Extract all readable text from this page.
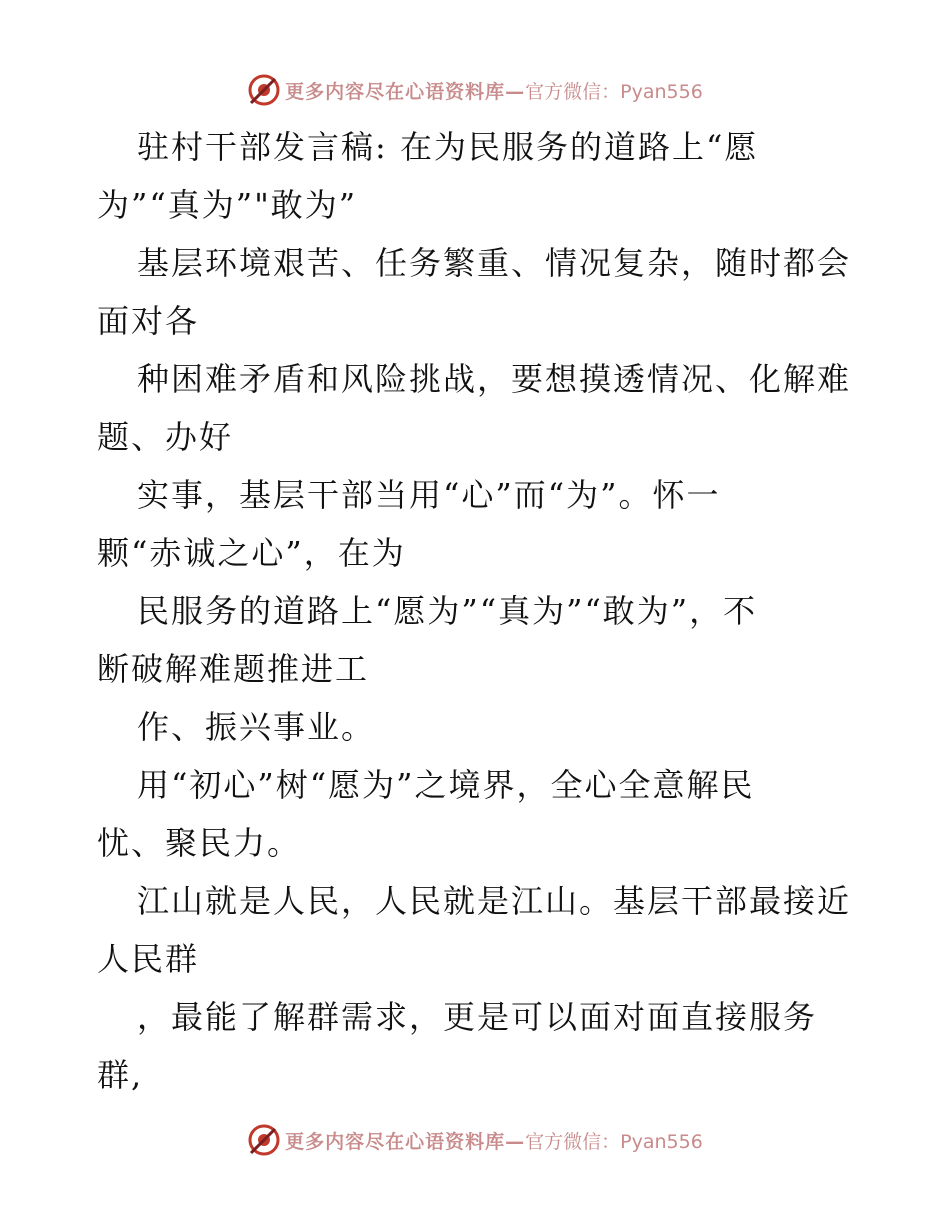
更多内容尽在心语资料库— 官方微信：Pyan556
驻村干部发言稿: 在为民服务的道路上“愿
为”“真为”"敢为”
基层环境艰苦、任务繁重、情况复杂，随时都会
面对各
种困难矛盾和风险挑战，要想摸透情况、化解难
题、办好
实事，基层干部当用“心”而“为”。怀一
颗“赤诚之心”，在为
民服务的道路上“愿为”“真为”“敢为”，不
断破解难题推进工
作、振兴事业。
用“初心”树“愿为”之境界，全心全意解民
忧、聚民力。
江山就是人民，人民就是江山。基层干部最接近
人民群
，最能了解群需求，更是可以面对面直接服务
群,
更多内容尽在心语资料库— 官方微信：Pyan556
